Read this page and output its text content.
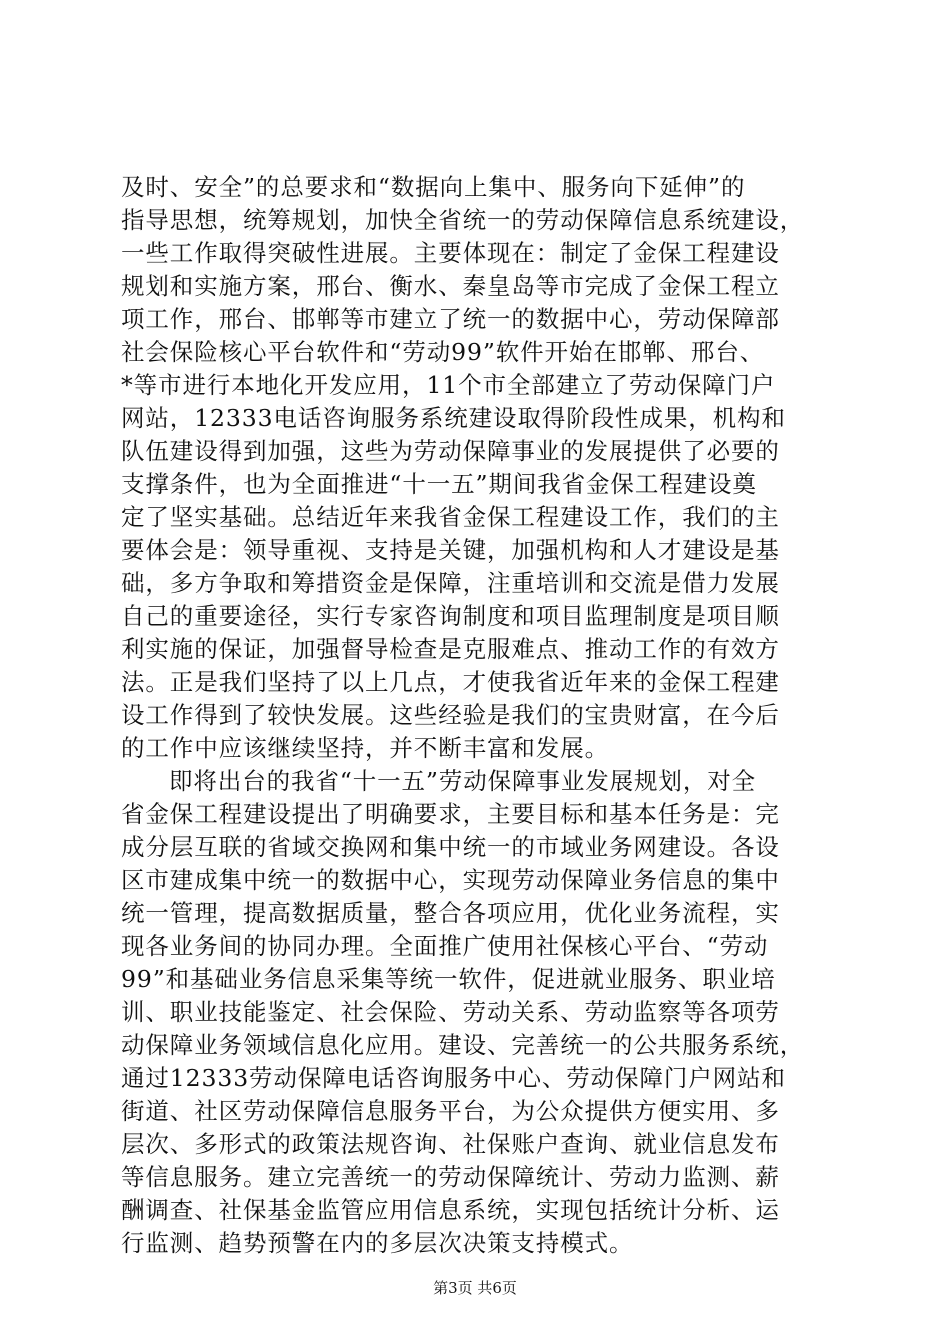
及时、安全”的总要求和“数据向上集中、服务向下延伸”的
指导思想，统筹规划，加快全省统一的劳动保障信息系统建设，
一些工作取得突破性进展。主要体现在：制定了金保工程建设
规划和实施方案，邢台、衡水、秦皇岛等市完成了金保工程立
项工作，邢台、邯郸等市建立了统一的数据中心，劳动保障部
社会保险核心平台软件和“劳动99”软件开始在邯郸、邢台、
*等市进行本地化开发应用，11个市全部建立了劳动保障门户
网站，12333电话咨询服务系统建设取得阶段性成果，机构和
队伍建设得到加强，这些为劳动保障事业的发展提供了必要的
支撑条件，也为全面推进“十一五”期间我省金保工程建设奠
定了坚实基础。总结近年来我省金保工程建设工作，我们的主
要体会是：领导重视、支持是关键，加强机构和人才建设是基
础，多方争取和筹措资金是保障，注重培训和交流是借力发展
自己的重要途径，实行专家咨询制度和项目监理制度是项目顺
利实施的保证，加强督导检查是克服难点、推动工作的有效方
法。正是我们坚持了以上几点，才使我省近年来的金保工程建
设工作得到了较快发展。这些经验是我们的宝贵财富，在今后
的工作中应该继续坚持，并不断丰富和发展。
即将出台的我省“十一五”劳动保障事业发展规划，对全
省金保工程建设提出了明确要求，主要目标和基本任务是：完
成分层互联的省域交换网和集中统一的市域业务网建设。各设
区市建成集中统一的数据中心，实现劳动保障业务信息的集中
统一管理，提高数据质量，整合各项应用，优化业务流程，实
现各业务间的协同办理。全面推广使用社保核心平台、“劳动
99”和基础业务信息采集等统一软件，促进就业服务、职业培
训、职业技能鉴定、社会保险、劳动关系、劳动监察等各项劳
动保障业务领域信息化应用。建设、完善统一的公共服务系统，
通过12333劳动保障电话咨询服务中心、劳动保障门户网站和
街道、社区劳动保障信息服务平台，为公众提供方便实用、多
层次、多形式的政策法规咨询、社保账户查询、就业信息发布
等信息服务。建立完善统一的劳动保障统计、劳动力监测、薪
酬调查、社保基金监管应用信息系统，实现包括统计分析、运
行监测、趋势预警在内的多层次决策支持模式。
第3页 共6页
